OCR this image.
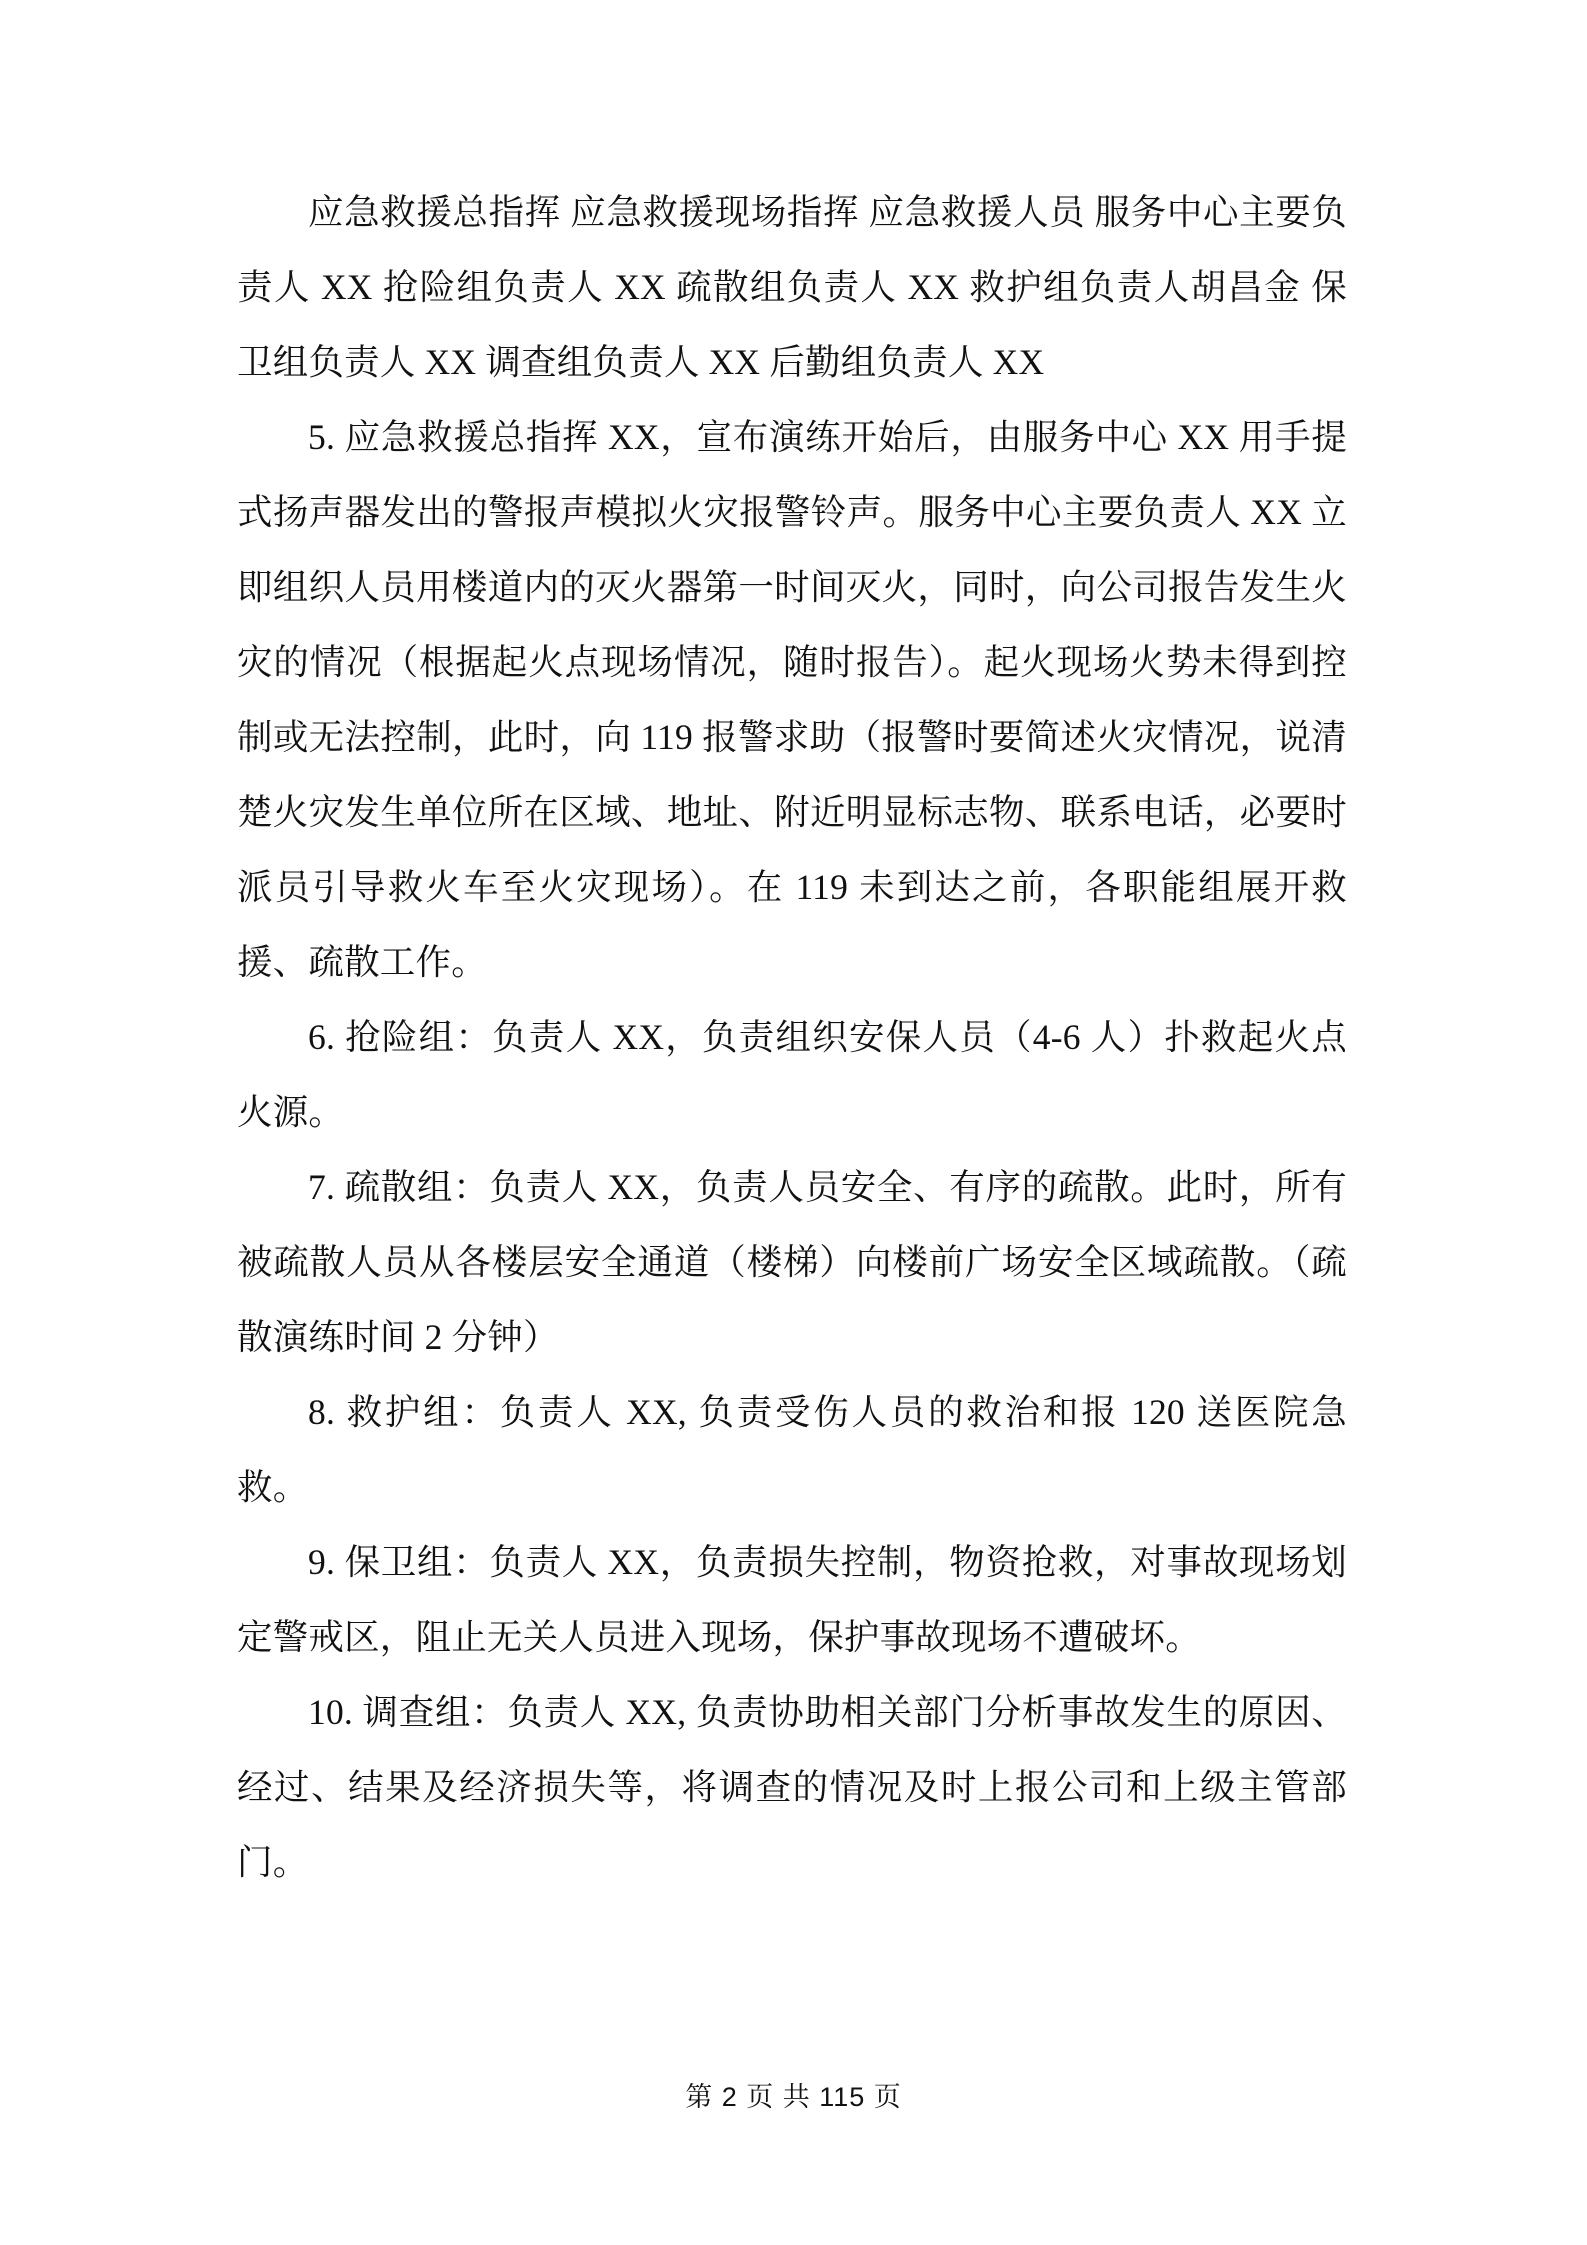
应急救援总指挥 应急救援现场指挥 应急救援人员 服务中心主要负责人 XX 抢险组负责人 XX 疏散组负责人 XX 救护组负责人胡昌金 保卫组负责人 XX 调查组负责人 XX 后勤组负责人 XX

5. 应急救援总指挥 XX，宣布演练开始后，由服务中心 XX 用手提式扬声器发出的警报声模拟火灾报警铃声。服务中心主要负责人 XX 立即组织人员用楼道内的灭火器第一时间灭火，同时，向公司报告发生火灾的情况（根据起火点现场情况，随时报告）。起火现场火势未得到控制或无法控制，此时，向 119 报警求助（报警时要简述火灾情况，说清楚火灾发生单位所在区域、地址、附近明显标志物、联系电话，必要时派员引导救火车至火灾现场）。在 119 未到达之前，各职能组展开救援、疏散工作。

6. 抢险组：负责人 XX，负责组织安保人员（4-6 人）扑救起火点火源。

7. 疏散组：负责人 XX，负责人员安全、有序的疏散。此时，所有被疏散人员从各楼层安全通道（楼梯）向楼前广场安全区域疏散。（疏散演练时间 2 分钟）

8. 救护组：负责人 XX, 负责受伤人员的救治和报 120 送医院急救。

9. 保卫组：负责人 XX，负责损失控制，物资抢救，对事故现场划定警戒区，阻止无关人员进入现场，保护事故现场不遭破坏。

10. 调查组：负责人 XX, 负责协助相关部门分析事故发生的原因、经过、结果及经济损失等，将调查的情况及时上报公司和上级主管部门。

第 2 页 共 115 页
